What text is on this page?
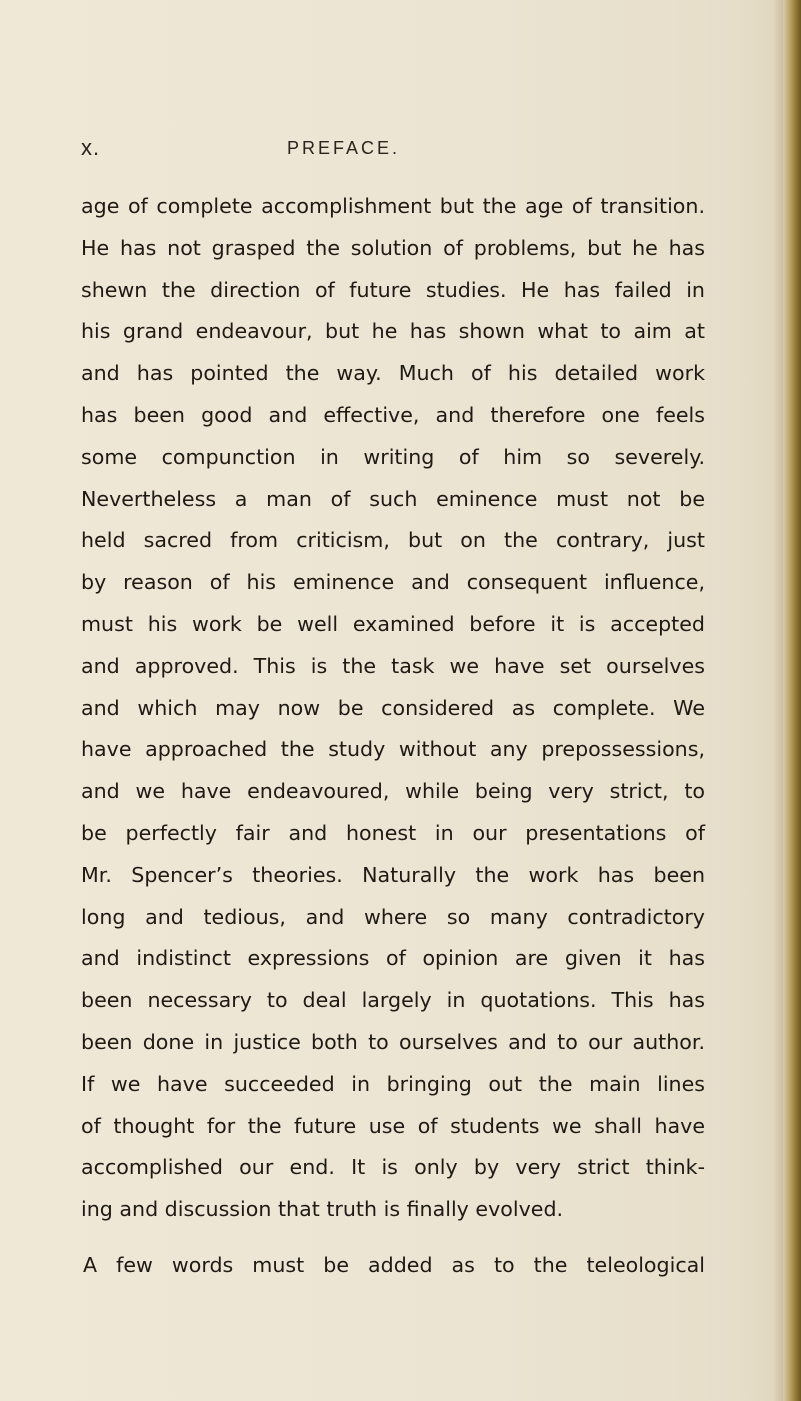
x.	PREFACE.
age of complete accomplishment but the age of transition.
He has not grasped the solution of problems, but he has
shewn the direction of future studies. He has failed in
his grand endeavour, but he has shown what to aim at
and has pointed the way. Much of his detailed work
has been good and effective, and therefore one feels
some compunction in writing of him so severely.
Nevertheless a man of such eminence must not be
held sacred from criticism, but on the contrary, just
by reason of his eminence and consequent influence,
must his work be well examined before it is accepted
and approved. This is the task we have set ourselves
and which may now be considered as complete. We
have approached the study without any prepossessions,
and we have endeavoured, while being very strict, to
be perfectly fair and honest in our presentations of
Mr. Spencer’s theories. Naturally the work has been
long and tedious, and where so many contradictory
and indistinct expressions of opinion are given it has
been necessary to deal largely in quotations. This has
been done in justice both to ourselves and to our author.
If we have succeeded in bringing out the main lines
of thought for the future use of students we shall have
accomplished our end. It is only by very strict think-
ing and discussion that truth is finally evolved.
A few words must be added as to the teleological
